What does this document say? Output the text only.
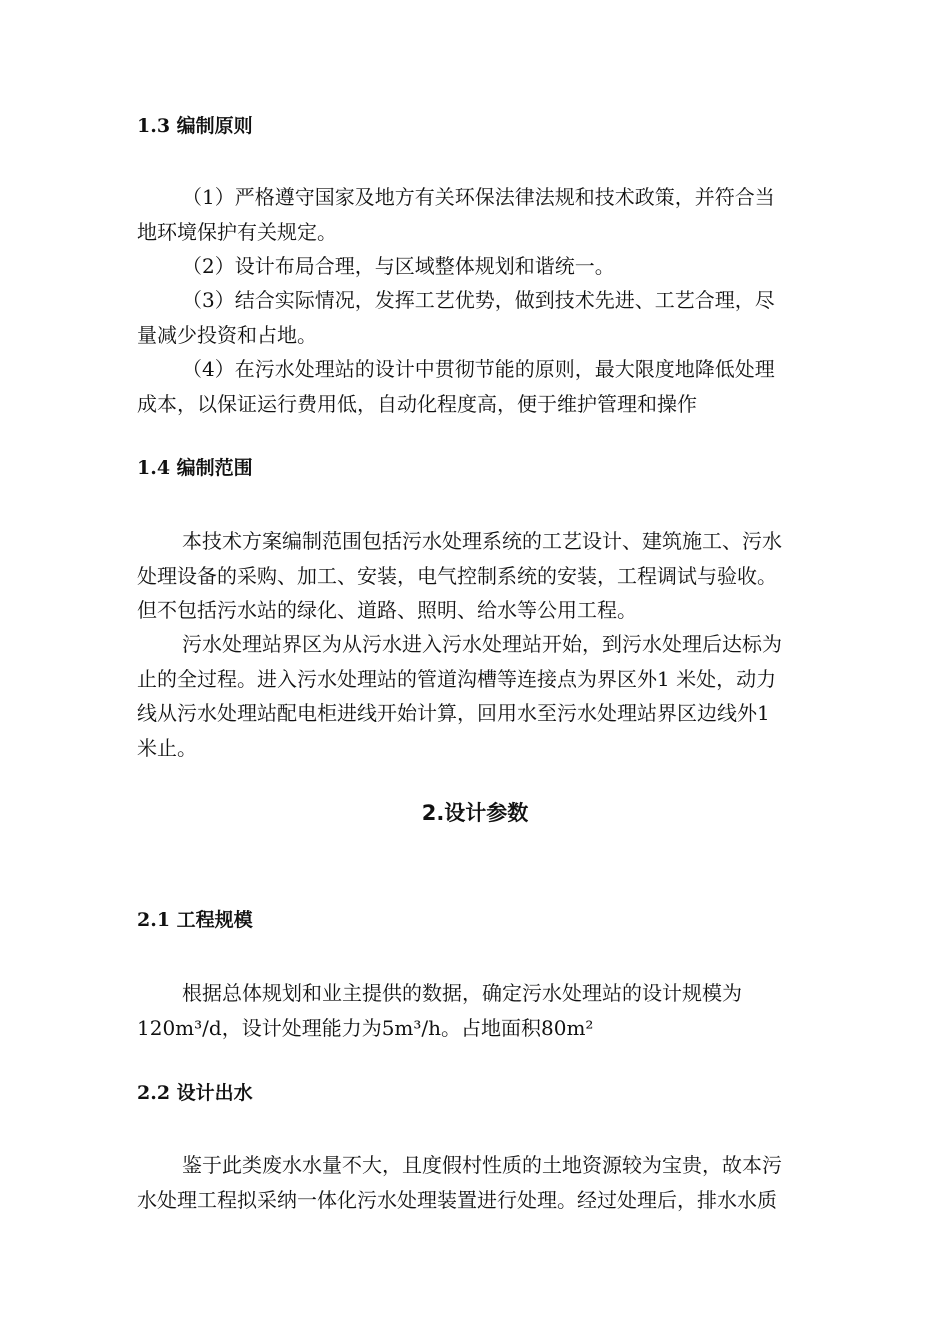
1.3 编制原则
（1）严格遵守国家及地方有关环保法律法规和技术政策，并符合当
地环境保护有关规定。
（2）设计布局合理，与区域整体规划和谐统一。
（3）结合实际情况，发挥工艺优势，做到技术先进、工艺合理，尽
量减少投资和占地。
（4）在污水处理站的设计中贯彻节能的原则，最大限度地降低处理
成本，以保证运行费用低，自动化程度高，便于维护管理和操作
1.4 编制范围
本技术方案编制范围包括污水处理系统的工艺设计、建筑施工、污水
处理设备的采购、加工、安装，电气控制系统的安装，工程调试与验收。
但不包括污水站的绿化、道路、照明、给水等公用工程。
污水处理站界区为从污水进入污水处理站开始，到污水处理后达标为
止的全过程。进入污水处理站的管道沟槽等连接点为界区外1 米处，动力
线从污水处理站配电柜进线开始计算，回用水至污水处理站界区边线外1
米止。
2.设计参数
2.1 工程规模
根据总体规划和业主提供的数据，确定污水处理站的设计规模为
120m³/d，设计处理能力为5m³/h。占地面积80m²
2.2 设计出水
鉴于此类废水水量不大，且度假村性质的土地资源较为宝贵，故本污
水处理工程拟采纳一体化污水处理装置进行处理。经过处理后，排水水质
